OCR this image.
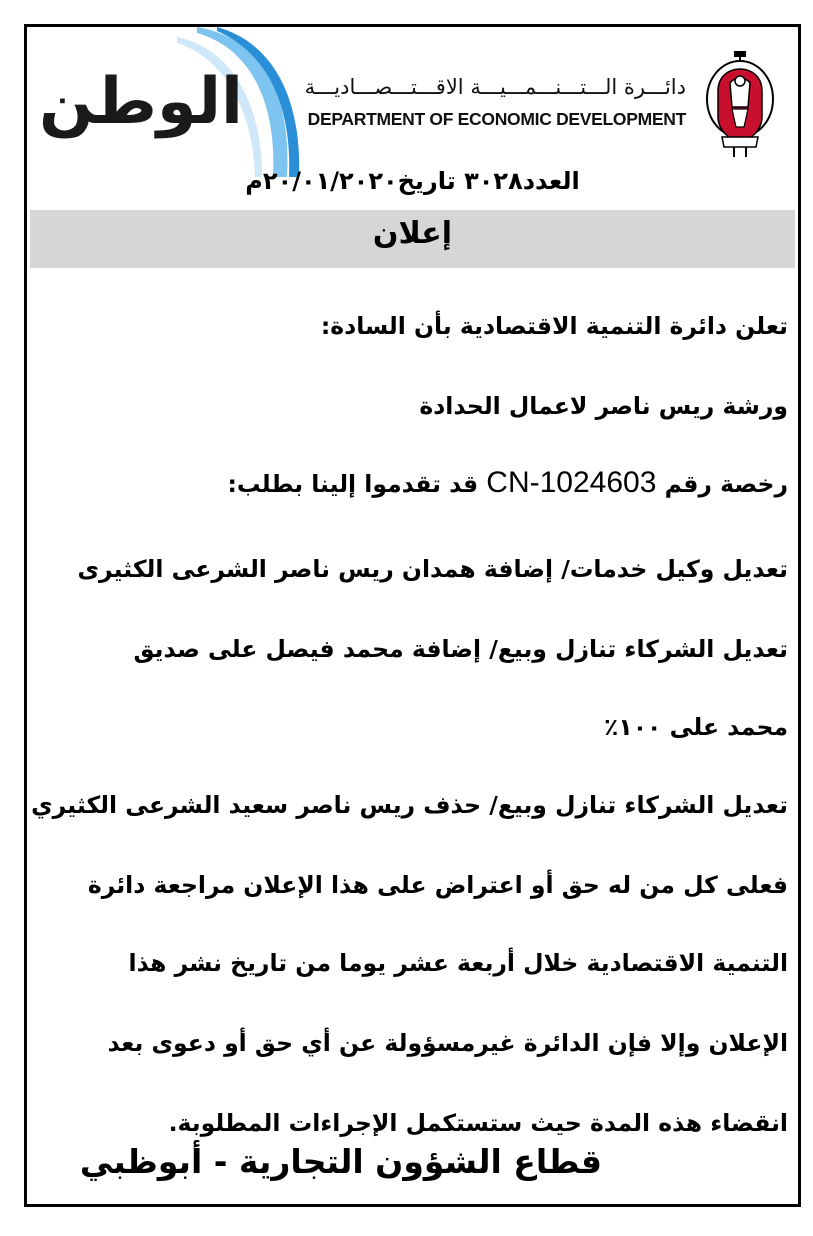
الوطن	دائـــرة الـــتـــنـــمـــيـــة الاقـــتـــصـــاديـــة
DEPARTMENT OF ECONOMIC DEVELOPMENT
العدد٣٠٢٨ تاريخ٢٠/٠١/٢٠٢٠م
إعلان
تعلن دائرة التنمية الاقتصادية بأن السادة:
ورشة ريس ناصر لاعمال الحدادة
رخصة رقم CN-1024603 قد تقدموا إلينا بطلب:
تعديل وكيل خدمات/ إضافة همدان ريس ناصر الشرعى الكثيرى
تعديل الشركاء تنازل وبيع/ إضافة محمد فيصل على صديق
محمد على ١٠٠٪
تعديل الشركاء تنازل وبيع/ حذف ريس ناصر سعيد الشرعى الكثيري
فعلى كل من له حق أو اعتراض على هذا الإعلان مراجعة دائرة
التنمية الاقتصادية خلال أربعة عشر يوما من تاريخ نشر هذا
الإعلان وإلا فإن الدائرة غيرمسؤولة عن أي حق أو دعوى بعد
انقضاء هذه المدة حيث ستستكمل الإجراءات المطلوبة.
قطاع الشؤون التجارية - أبوظبي
